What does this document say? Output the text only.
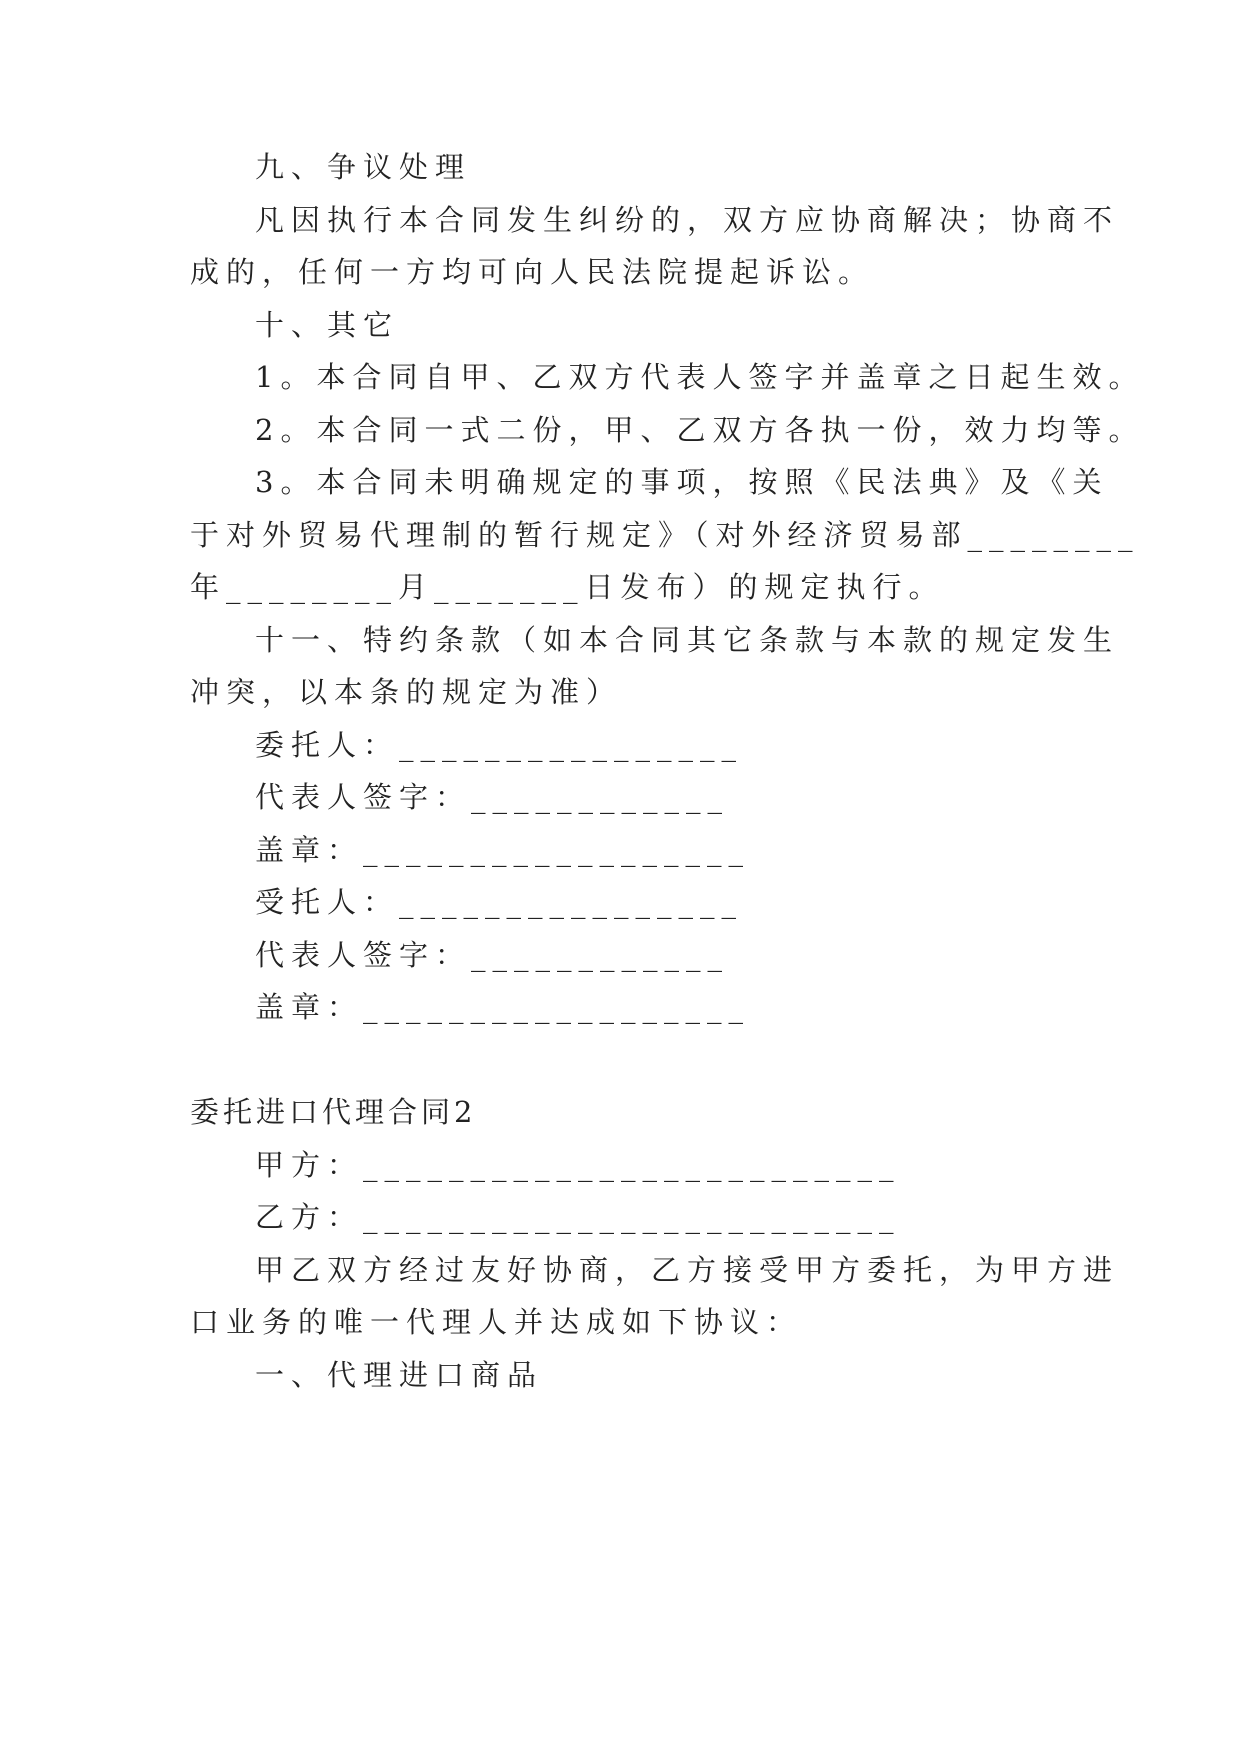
九、争议处理
凡因执行本合同发生纠纷的，双方应协商解决；协商不
成的，任何一方均可向人民法院提起诉讼。
十、其它
1。本合同自甲、乙双方代表人签字并盖章之日起生效。
2。本合同一式二份，甲、乙双方各执一份，效力均等。
3。本合同未明确规定的事项，按照《民法典》及《关
于对外贸易代理制的暂行规定》（对外经济贸易部________
年________月_______日发布）的规定执行。
十一、特约条款（如本合同其它条款与本款的规定发生
冲突，以本条的规定为准）
委托人：________________
代表人签字：____________
盖章：__________________
受托人：________________
代表人签字：____________
盖章：__________________
委托进口代理合同2
甲方：_________________________
乙方：_________________________
甲乙双方经过友好协商，乙方接受甲方委托，为甲方进
口业务的唯一代理人并达成如下协议：
一、代理进口商品
